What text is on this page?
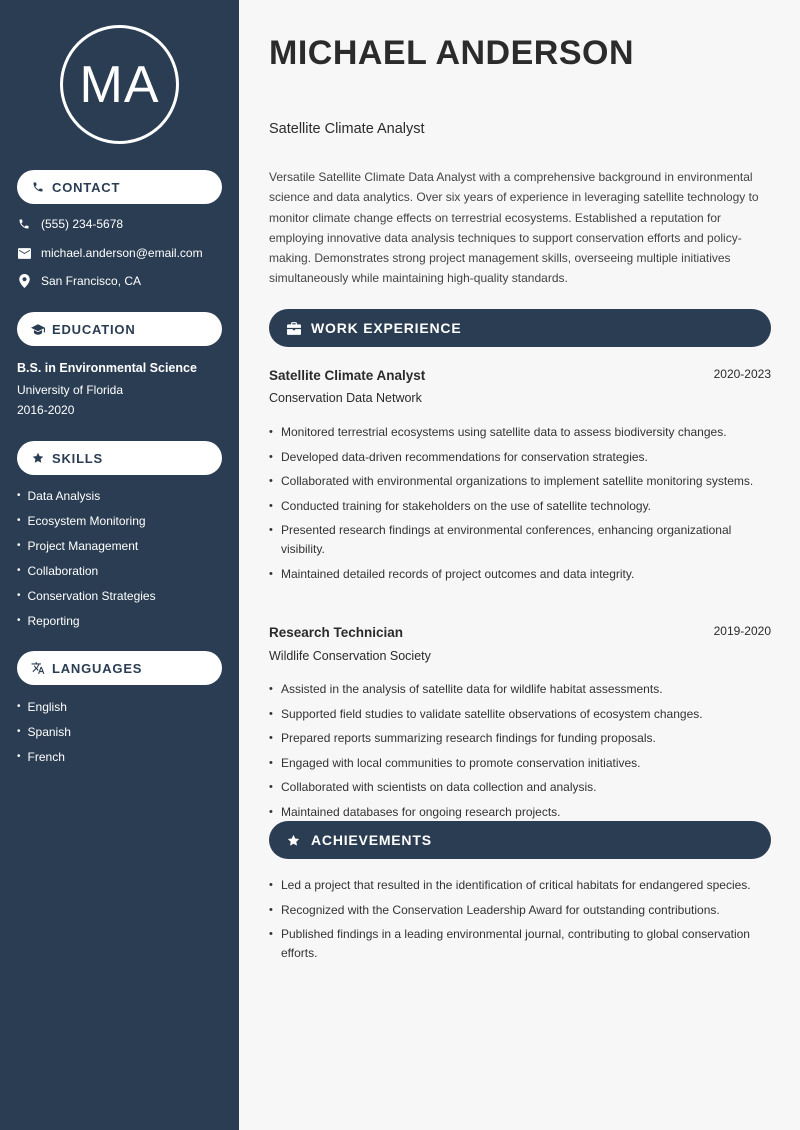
MA
CONTACT
(555) 234-5678
michael.anderson@email.com
San Francisco, CA
EDUCATION
B.S. in Environmental Science
University of Florida
2016-2020
SKILLS
• Data Analysis
• Ecosystem Monitoring
• Project Management
• Collaboration
• Conservation Strategies
• Reporting
LANGUAGES
• English
• Spanish
• French
MICHAEL ANDERSON
Satellite Climate Analyst

Versatile Satellite Climate Data Analyst with a comprehensive background in environmental science and data analytics. Over six years of experience in leveraging satellite technology to monitor climate change effects on terrestrial ecosystems. Established a reputation for employing innovative data analysis techniques to support conservation efforts and policy-making. Demonstrates strong project management skills, overseeing multiple initiatives simultaneously while maintaining high-quality standards.

WORK EXPERIENCE
Satellite Climate Analyst	2020-2023
Conservation Data Network
• Monitored terrestrial ecosystems using satellite data to assess biodiversity changes.
• Developed data-driven recommendations for conservation strategies.
• Collaborated with environmental organizations to implement satellite monitoring systems.
• Conducted training for stakeholders on the use of satellite technology.
• Presented research findings at environmental conferences, enhancing organizational visibility.
• Maintained detailed records of project outcomes and data integrity.
Research Technician	2019-2020
Wildlife Conservation Society
• Assisted in the analysis of satellite data for wildlife habitat assessments.
• Supported field studies to validate satellite observations of ecosystem changes.
• Prepared reports summarizing research findings for funding proposals.
• Engaged with local communities to promote conservation initiatives.
• Collaborated with scientists on data collection and analysis.
• Maintained databases for ongoing research projects.
ACHIEVEMENTS
• Led a project that resulted in the identification of critical habitats for endangered species.
• Recognized with the Conservation Leadership Award for outstanding contributions.
• Published findings in a leading environmental journal, contributing to global conservation efforts.
